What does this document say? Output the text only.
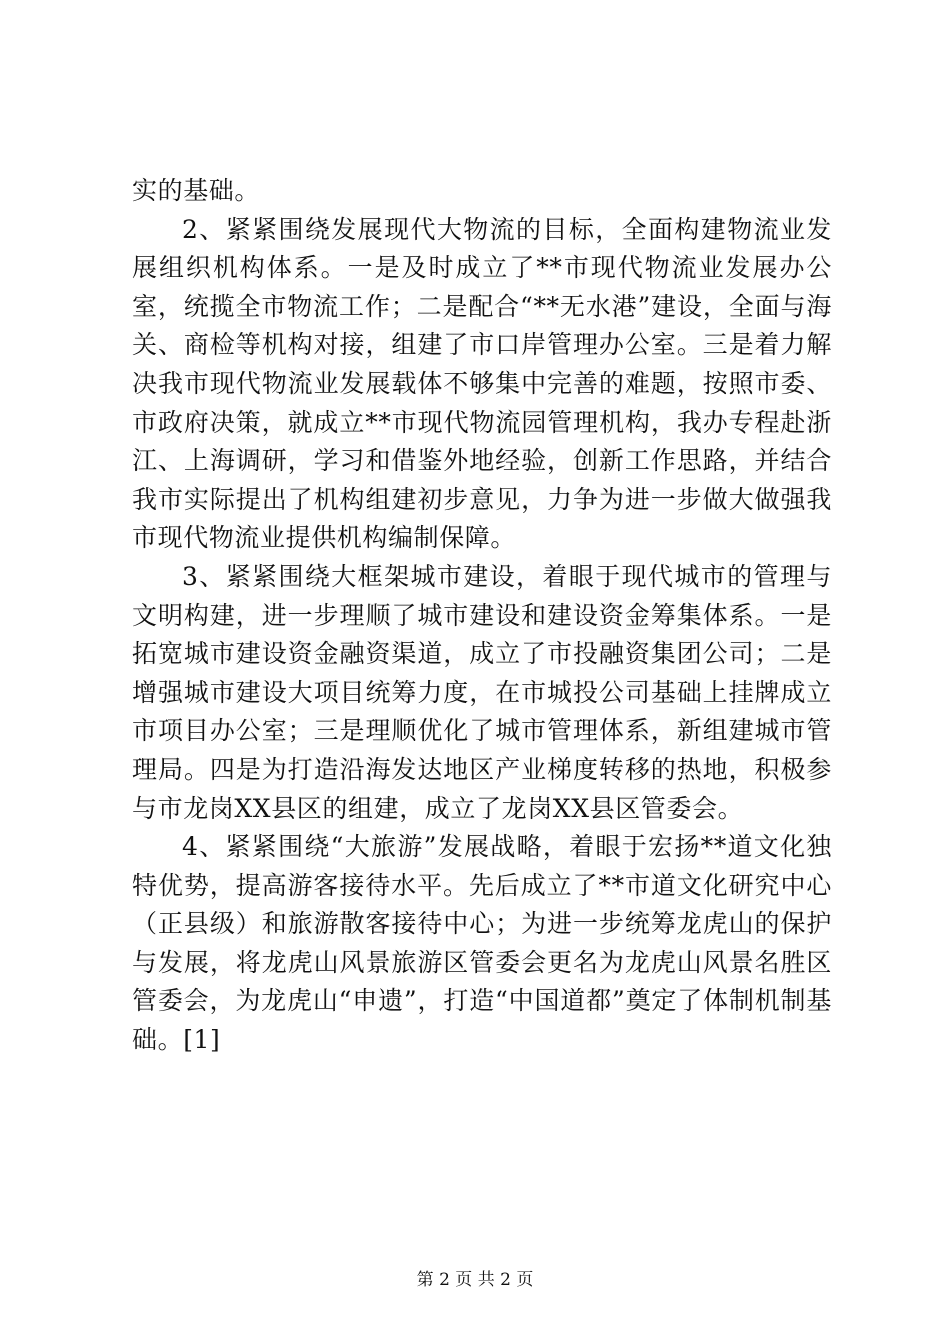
实的基础。

2、紧紧围绕发展现代大物流的目标，全面构建物流业发展组织机构体系。一是及时成立了**市现代物流业发展办公室，统揽全市物流工作；二是配合“**无水港”建设，全面与海关、商检等机构对接，组建了市口岸管理办公室。三是着力解决我市现代物流业发展载体不够集中完善的难题，按照市委、市政府决策，就成立**市现代物流园管理机构，我办专程赴浙江、上海调研，学习和借鉴外地经验，创新工作思路，并结合我市实际提出了机构组建初步意见，力争为进一步做大做强我市现代物流业提供机构编制保障。

3、紧紧围绕大框架城市建设，着眼于现代城市的管理与文明构建，进一步理顺了城市建设和建设资金筹集体系。一是拓宽城市建设资金融资渠道，成立了市投融资集团公司；二是增强城市建设大项目统筹力度，在市城投公司基础上挂牌成立市项目办公室；三是理顺优化了城市管理体系，新组建城市管理局。四是为打造沿海发达地区产业梯度转移的热地，积极参与市龙岗XX县区的组建，成立了龙岗XX县区管委会。

4、紧紧围绕“大旅游”发展战略，着眼于宏扬**道文化独特优势，提高游客接待水平。先后成立了**市道文化研究中心（正县级）和旅游散客接待中心；为进一步统筹龙虎山的保护与发展，将龙虎山风景旅游区管委会更名为龙虎山风景名胜区管委会，为龙虎山“申遗”，打造“中国道都”奠定了体制机制基础。[1]

第 2 页 共 2 页
